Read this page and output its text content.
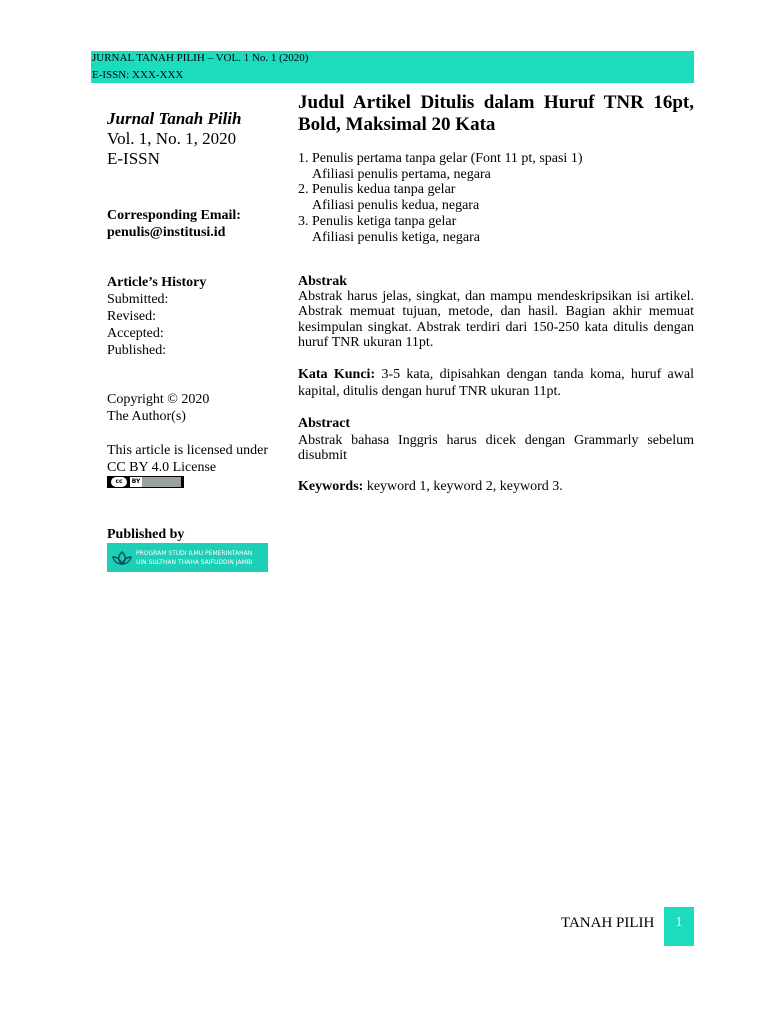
JURNAL TANAH PILIH – VOL. 1 No. 1 (2020)
E-ISSN: XXX-XXX
Jurnal Tanah Pilih
Vol. 1, No. 1, 2020
E-ISSN
Corresponding Email:
penulis@institusi.id
Article’s History
Submitted:
Revised:
Accepted:
Published:
Copyright © 2020
The Author(s)
This article is licensed under CC BY 4.0 License
cc	BY
Published by
PROGRAM STUDI ILMU PEMERINTAHAN
UIN SULTHAN THAHA SAIFUDDIN JAMBI
Judul Artikel Ditulis dalam Huruf TNR 16pt, Bold, Maksimal 20 Kata
1. Penulis pertama tanpa gelar (Font 11 pt, spasi 1)
Afiliasi penulis pertama, negara
2. Penulis kedua tanpa gelar
Afiliasi penulis kedua, negara
3. Penulis ketiga tanpa gelar
Afiliasi penulis ketiga, negara
Abstrak
Abstrak harus jelas, singkat, dan mampu mendeskripsikan isi artikel. Abstrak memuat tujuan, metode, dan hasil. Bagian akhir memuat kesimpulan singkat. Abstrak terdiri dari 150-250 kata ditulis dengan huruf TNR ukuran 11pt.
Kata Kunci: 3-5 kata, dipisahkan dengan tanda koma, huruf awal kapital, ditulis dengan huruf TNR ukuran 11pt.
Abstract
Abstrak bahasa Inggris harus dicek dengan Grammarly sebelum disubmit
Keywords: keyword 1, keyword 2, keyword 3.
TANAH PILIH	1
